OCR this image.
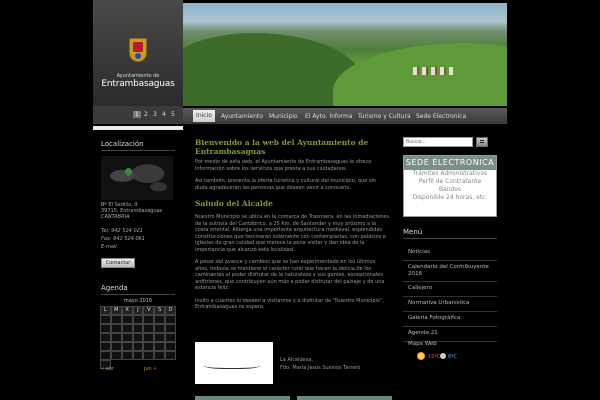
Ayuntamiento de
Entrambasaguas
1 2 3 4 5	Inicio	Ayuntamiento Municipio El Ayto. Informa Turismo y Cultura Sede Electronica
Localización
Bº El Sedillo, 9
39715, Entrambasaguas
CANTABRIA
Tel: 942 524 021
Fax: 942 524 061
E-mail
Contactar
Agenda
mayo 2016
L	M	X	J	V	S	D
« abr	jun »
Bienvenido a la web del Ayuntamiento de Entrambasaguas
Por medio de esta web, el Ayuntamiento de Entrambasaguas le ofrece información sobre los servicios que presta a sus ciudadanos.
Así también, presenta la oferta turística y cultural del municipio, que sin duda agradecerán las personas que deseen venir a conocerlo.
Saludo del Alcalde
Nuestro Municipio se ubica en la comarca de Trasmiera, en las inmediaciones de la autovía del Cantábrico, a 25 Km. de Santander y muy próximo a la costa oriental. Alberga una importante arquitectura medieval, espléndidas construcciones que fascinarán solamente con contemplarlas, con palacios e iglesias de gran calidad que merece la pena visitar y dan idea de la importancia que alcanzó esta localidad.
A pesar del avance y cambios que se han experimentado en los últimos años, todavía se mantiene el carácter rural que hacen la delicia de los caminantes al poder disfrutar de la naturaleza y sus gentes, excepcionales anfitriones, que contribuyen aún más a poder disfrutar del paisaje y de una estancia feliz.
Invito a cuantos lo deseen a visitarnos y a disfrutar de "Nuestro Municipio", Entrambasaguas os espera.
La Alcaldesa,
Fdo: María Jesús Susinos Tarrero
Buscar...
SEDE ELECTRONICA
Trámites Administrativos
Perfil de Contratante
Bandos
Disponible 24 horas, etc.
Menú
Noticias
Calendario del Contribuyente 2016
Callejero
Normativa Urbanística
Galería Fotográfica
Agenda 21
Mapa Web
15ºC 6ºC
